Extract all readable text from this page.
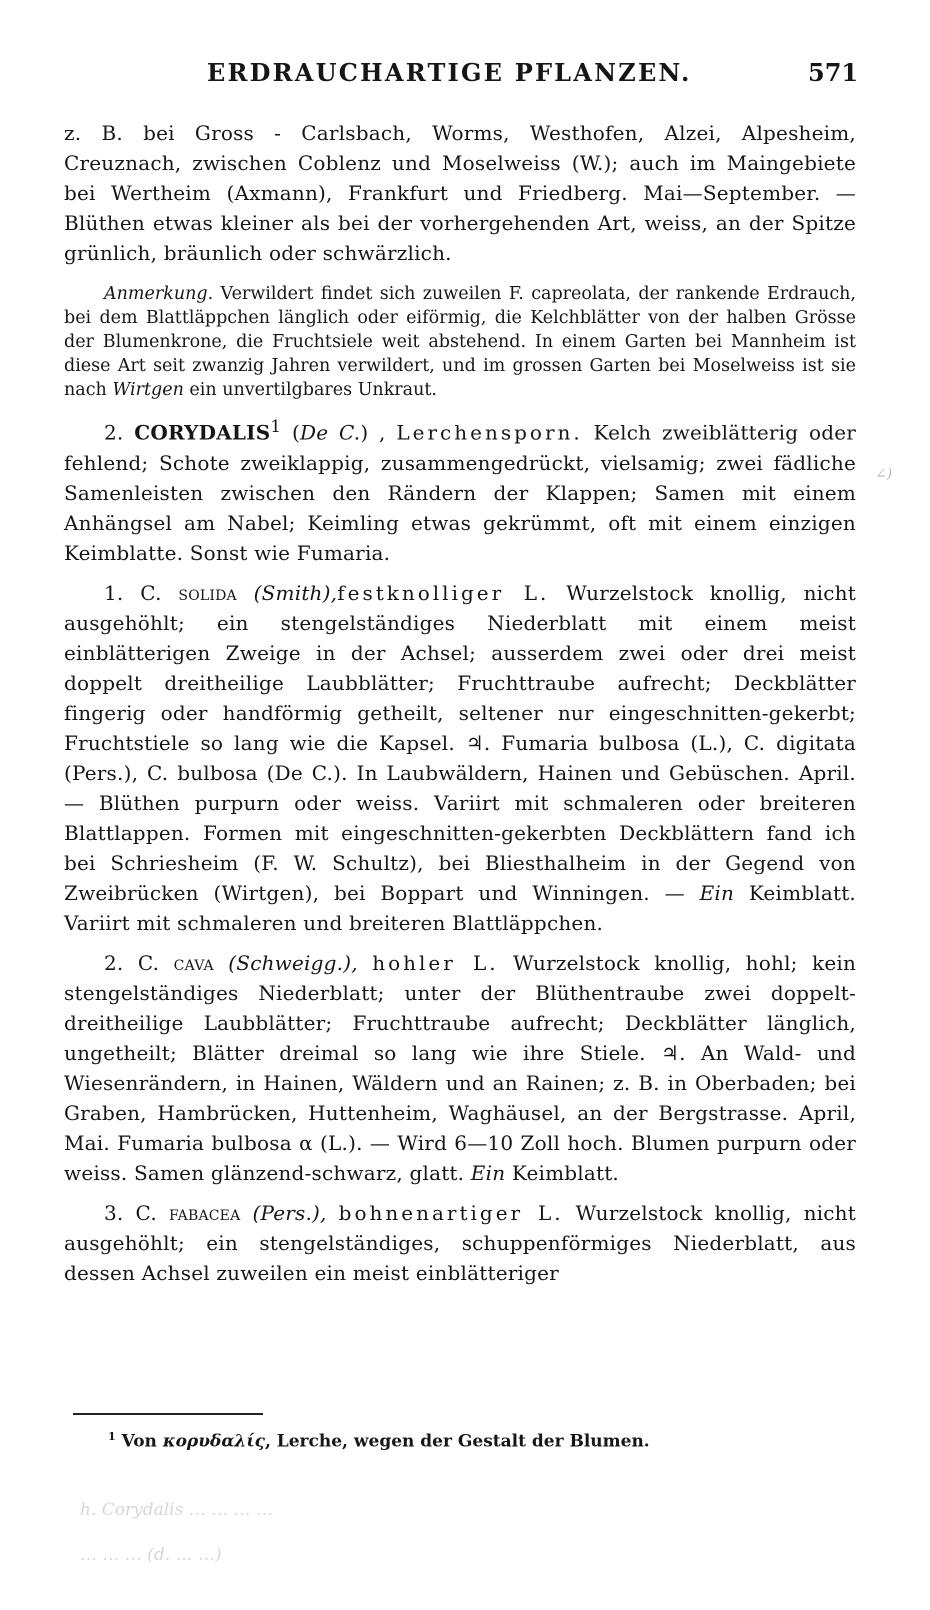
ERDRAUCHARTIGE PFLANZEN.	571

z. B. bei Gross - Carlsbach, Worms, Westhofen, Alzei, Alpesheim, Creuznach, zwischen Coblenz und Moselweiss (W.); auch im Maingebiete bei Wertheim (Axmann), Frankfurt und Friedberg. Mai—September. — Blüthen etwas kleiner als bei der vorhergehenden Art, weiss, an der Spitze grünlich, bräunlich oder schwärzlich.

Anmerkung. Verwildert findet sich zuweilen F. capreolata, der rankende Erdrauch, bei dem Blattläppchen länglich oder eiförmig, die Kelchblätter von der halben Grösse der Blumenkrone, die Fruchtsiele weit abstehend. In einem Garten bei Mannheim ist diese Art seit zwanzig Jahren verwildert, und im grossen Garten bei Moselweiss ist sie nach Wirtgen ein unvertilgbares Unkraut.

2. CORYDALIS$^1$ (De C.) , Lerchensporn. Kelch zweiblätterig oder fehlend; Schote zweiklappig, zusammengedrückt, vielsamig; zwei fädliche Samenleisten zwischen den Rändern der Klappen; Samen mit einem Anhängsel am Nabel; Keimling etwas gekrümmt, oft mit einem einzigen Keimblatte. Sonst wie Fumaria.

1. C. solida (Smith),festknolliger L. Wurzelstock knollig, nicht ausgehöhlt; ein stengelständiges Niederblatt mit einem meist einblätterigen Zweige in der Achsel; ausserdem zwei oder drei meist doppelt dreitheilige Laubblätter; Fruchttraube aufrecht; Deckblätter fingerig oder handförmig getheilt, seltener nur eingeschnitten-gekerbt; Fruchtstiele so lang wie die Kapsel. ♃. Fumaria bulbosa (L.), C. digitata (Pers.), C. bulbosa (De C.). In Laubwäldern, Hainen und Gebüschen. April. — Blüthen purpurn oder weiss. Variirt mit schmaleren oder breiteren Blattlappen. Formen mit eingeschnitten-gekerbten Deckblättern fand ich bei Schriesheim (F. W. Schultz), bei Bliesthalheim in der Gegend von Zweibrücken (Wirtgen), bei Boppart und Winningen. — Ein Keimblatt. Variirt mit schmaleren und breiteren Blattläppchen.

2. C. cava (Schweigg.), hohler L. Wurzelstock knollig, hohl; kein stengelständiges Niederblatt; unter der Blüthentraube zwei doppelt-dreitheilige Laubblätter; Fruchttraube aufrecht; Deckblätter länglich, ungetheilt; Blätter dreimal so lang wie ihre Stiele. ♃. An Wald- und Wiesenrändern, in Hainen, Wäldern und an Rainen; z. B. in Oberbaden; bei Graben, Hambrücken, Huttenheim, Waghäusel, an der Bergstrasse. April, Mai. Fumaria bulbosa α (L.). — Wird 6—10 Zoll hoch. Blumen purpurn oder weiss. Samen glänzend-schwarz, glatt. Ein Keimblatt.

3. C. fabacea (Pers.), bohnenartiger L. Wurzelstock knollig, nicht ausgehöhlt; ein stengelständiges, schuppenförmiges Niederblatt, aus dessen Achsel zuweilen ein meist einblätteriger

$^1$ Von κορυδαλίς, Lerche, wegen der Gestalt der Blumen.
∠)
h. Corydalis … … … …
… … … (d. … …)
